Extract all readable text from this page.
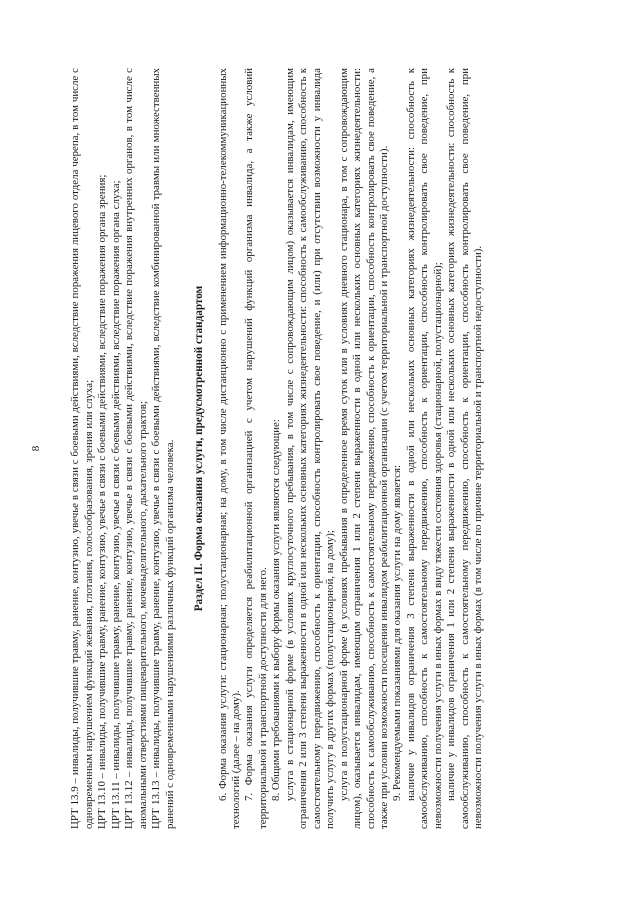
8	ЦРТ 13.9 – инвалиды, получившие травму, ранение, контузию, увечье в связи с боевыми действиями, вследствие поражения лицевого отдела черепа, в том числе с одновременным нарушением функций жевания, глотания, голосообразования, зрения или слуха; ЦРТ 13.10 – инвалиды, получившие травму, ранение, контузию, увечье в связи с боевыми действиями, вследствие поражения органа зрения; ЦРТ 13.11 – инвалиды, получившие травму, ранение, контузию, увечье в связи с боевыми действиями, вследствие поражения органа слуха; ЦРТ 13.12 – инвалиды, получившие травму, ранение, контузию, увечье в связи с боевыми действиями, вследствие поражения внутренних органов, в том числе с аномальными отверстиями пищеварительного, мочевыделительного, дыхательного трактов; ЦРТ 13.13 – инвалиды, получившие травму, ранение, контузию, увечье в связи с боевыми действиями, вследствие комбинированной травмы или множественных ранений с одновременными нарушениями различных функций организма человека. Раздел II. Форма оказания услуги, предусмотренной стандартом 6. Форма оказания услуги: стационарная; полустационарная; на дому, в том числе дистанционно с применением информационно-телекоммуникационных технологий (далее – на дому). 7. Форма оказания услуги определяется реабилитационной организацией с учетом нарушений функций организма инвалида, а также условий территориальной и транспортной доступности для него. 8. Общими требованиями к выбору формы оказания услуги являются следующие: услуга в стационарной форме (в условиях круглосуточного пребывания, в том числе с сопровождающим лицом) оказывается инвалидам, имеющим ограничения 2 или 3 степени выраженности в одной или нескольких основных категориях жизнедеятельности: способность к самообслуживанию, способность к самостоятельному передвижению, способность к ориентации, способность контролировать свое поведение, и (или) при отсутствии возможности у инвалида получить услугу в других формах (полустационарной, на дому); услуга в полустационарной форме (в условиях пребывания в определенное время суток или в условиях дневного стационара, в том с сопровождающим лицом), оказывается инвалидам, имеющим ограничения 1 или 2 степени выраженности в одной или нескольких основных категориях жизнедеятельности: способность к самообслуживанию, способность к самостоятельному передвижению, способность к ориентации, способность контролировать свое поведение, а также при условии возможности посещения инвалидом реабилитационной организации (с учетом территориальной и транспортной доступности). 9. Рекомендуемыми показаниями для оказания услуги на дому является: наличие у инвалидов ограничения 3 степени выраженности в одной или нескольких основных категориях жизнедеятельности: способность к самообслуживанию, способность к самостоятельному передвижению, способность к ориентации, способность контролировать свое поведение, при невозможности получения услуги в иных формах в виду тяжести состояния здоровья (стационарной, полустационарной); наличие у инвалидов ограничения 1 или 2 степени выраженности в одной или нескольких основных категориях жизнедеятельности: способность к самообслуживанию, способность к самостоятельному передвижению, способность к ориентации, способность контролировать свое поведение, при невозможности получения услуги в иных формах (в том числе по причине территориальной и транспортной недоступности).
